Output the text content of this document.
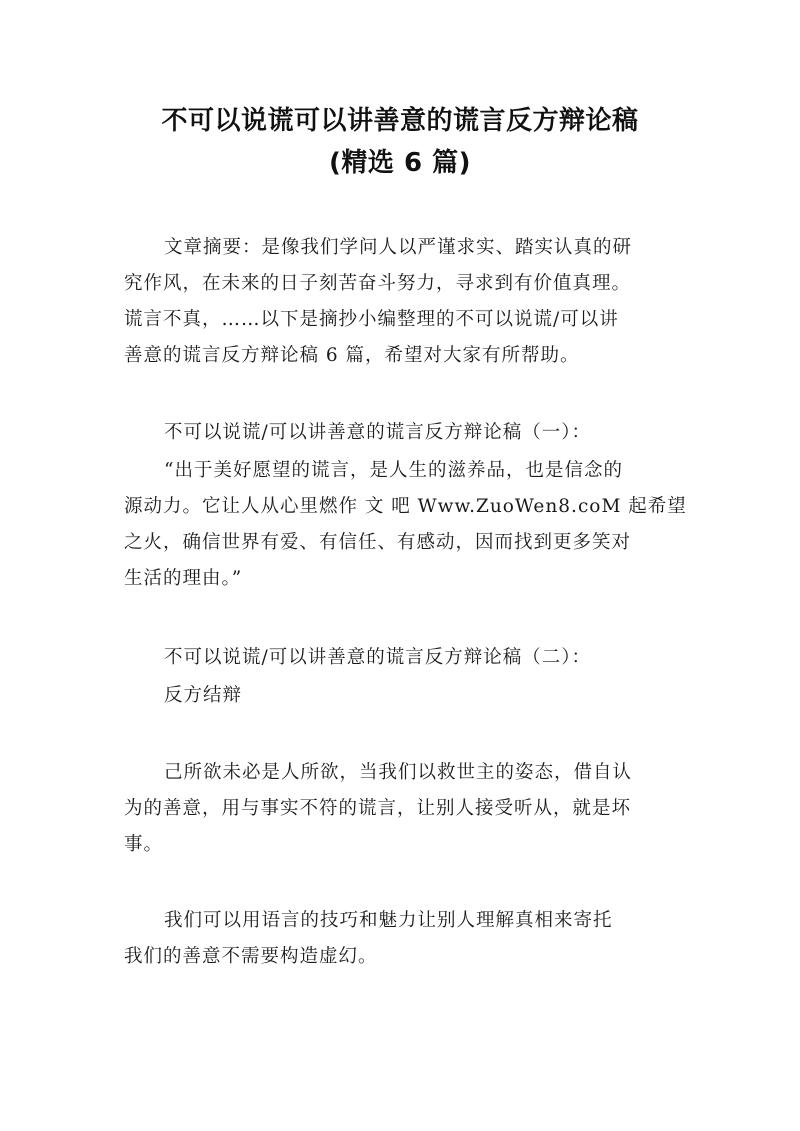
不可以说谎可以讲善意的谎言反方辩论稿
(精选 6 篇)
文章摘要：是像我们学问人以严谨求实、踏实认真的研
究作风，在未来的日子刻苦奋斗努力，寻求到有价值真理。
谎言不真，……以下是摘抄小编整理的不可以说谎/可以讲
善意的谎言反方辩论稿 6 篇，希望对大家有所帮助。
不可以说谎/可以讲善意的谎言反方辩论稿（一）：
“出于美好愿望的谎言，是人生的滋养品，也是信念的
源动力。它让人从心里燃作 文 吧 Www.ZuoWen8.coM 起希望
之火，确信世界有爱、有信任、有感动，因而找到更多笑对
生活的理由。”
不可以说谎/可以讲善意的谎言反方辩论稿（二）：
反方结辩
己所欲未必是人所欲，当我们以救世主的姿态，借自认
为的善意，用与事实不符的谎言，让别人接受听从，就是坏
事。
我们可以用语言的技巧和魅力让别人理解真相来寄托
我们的善意不需要构造虚幻。
